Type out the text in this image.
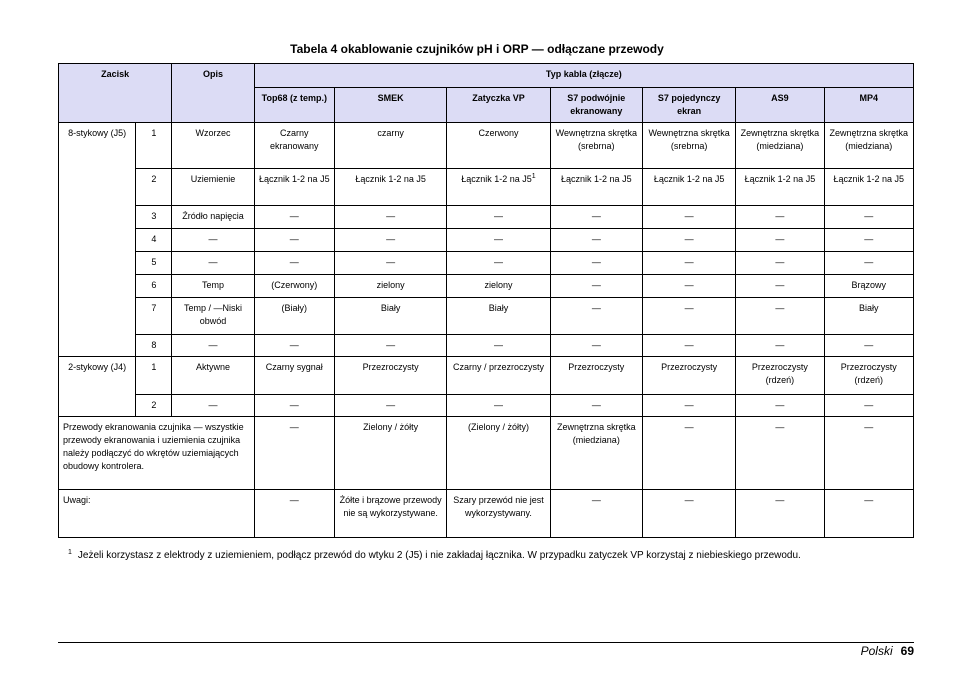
Tabela 4 okablowanie czujników pH i ORP — odłączane przewody
Zacisk		Opis	Typ kabla (złącze)						
			Top68 (z temp.)	SMEK	Zatyczka VP	S7 podwójnie ekranowany	S7 pojedynczy ekran	AS9	MP4
8-stykowy (J5)	1	Wzorzec	Czarny ekranowany	czarny	Czerwony	Wewnętrzna skrętka (srebrna)	Wewnętrzna skrętka (srebrna)	Zewnętrzna skrętka (miedziana)	Zewnętrzna skrętka (miedziana)
	2	Uziemienie	Łącznik 1-2 na J5	Łącznik 1-2 na J5	Łącznik 1-2 na $J5^1$	Łącznik 1-2 na J5	Łącznik 1-2 na J5	Łącznik 1-2 na J5	Łącznik 1-2 na J5
	3	Źródło napięcia	—	—	—	—	—	—	—
	4	—	—	—	—	—	—	—	—
	5	—	—	—	—	—	—	—	—
	6	Temp	(Czerwony)	zielony	zielony	—	—	—	Brązowy
	7	Temp / —Niski obwód	(Biały)	Biały	Biały	—	—	—	Biały
	8	—	—	—	—	—	—	—	—
2-stykowy (J4)	1	Aktywne	Czarny sygnał	Przezroczysty	Czarny / przezroczysty	Przezroczysty	Przezroczysty	Przezroczysty (rdzeń)	Przezroczysty (rdzeń)
	2	—	—	—	—	—	—	—	—
Przewody ekranowania czujnika — wszystkie przewody ekranowania i uziemienia czujnika należy podłączyć do wkrętów uziemiających obudowy kontrolera.			—	Zielony / żółty	(Zielony / żółty)	Zewnętrzna skrętka (miedziana)	—	—	—
Uwagi:			—	Żółte i brązowe przewody nie są wykorzystywane.	Szary przewód nie jest wykorzystywany.	—	—	—	—
$^1$ Jeżeli korzystasz z elektrody z uziemieniem, podłącz przewód do wtyku 2 (J5) i nie zakładaj łącznika. W przypadku zatyczek VP korzystaj z niebieskiego przewodu.
Polski 69
